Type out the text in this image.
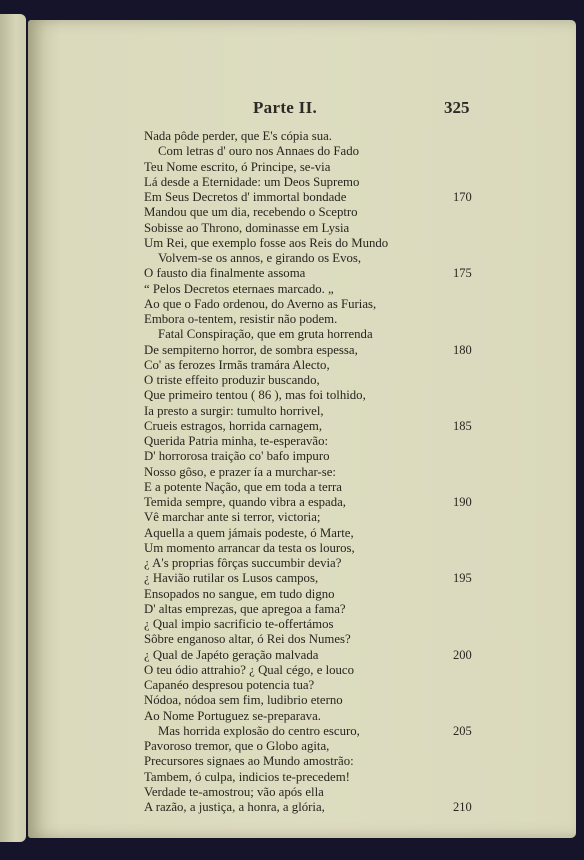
Parte II.	325
Nada pôde perder, que E's cópia sua.
Com letras d' ouro nos Annaes do Fado
Teu Nome escrito, ó Principe, se-via
Lá desde a Eternidade: um Deos Supremo
Em Seus Decretos d' immortal bondade	170
Mandou que um dia, recebendo o Sceptro
Sobisse ao Throno, dominasse em Lysia
Um Rei, que exemplo fosse aos Reis do Mundo
Volvem-se os annos, e girando os Evos,
O fausto dia finalmente assoma	175
“ Pelos Decretos eternaes marcado. „
Ao que o Fado ordenou, do Averno as Furias,
Embora o-tentem, resistir não podem.
Fatal Conspiração, que em gruta horrenda
De sempiterno horror, de sombra espessa,	180
Co' as ferozes Irmãs tramára Alecto,
O triste effeito produzir buscando,
Que primeiro tentou ( 86 ), mas foi tolhido,
Ia presto a surgir: tumulto horrivel,
Crueis estragos, horrida carnagem,	185
Querida Patria minha, te-esperavão:
D' horrorosa traição co' bafo impuro
Nosso gôso, e prazer ía a murchar-se:
E a potente Nação, que em toda a terra
Temida sempre, quando vibra a espada,	190
Vê marchar ante si terror, victoria;
Aquella a quem jámais podeste, ó Marte,
Um momento arrancar da testa os louros,
¿ A's proprias fôrças succumbir devia?
¿ Havião rutilar os Lusos campos,	195
Ensopados no sangue, em tudo digno
D' altas emprezas, que apregoa a fama?
¿ Qual impio sacrificio te-offertámos
Sôbre enganoso altar, ó Rei dos Numes?
¿ Qual de Japéto geração malvada	200
O teu ódio attrahio? ¿ Qual cégo, e louco
Capanéo despresou potencia tua?
Nódoa, nódoa sem fim, ludibrio eterno
Ao Nome Portuguez se-preparava.
Mas horrida explosão do centro escuro,	205
Pavoroso tremor, que o Globo agita,
Precursores signaes ao Mundo amostrão:
Tambem, ó culpa, indicios te-precedem!
Verdade te-amostrou; vão após ella
A razão, a justiça, a honra, a glória,	210
